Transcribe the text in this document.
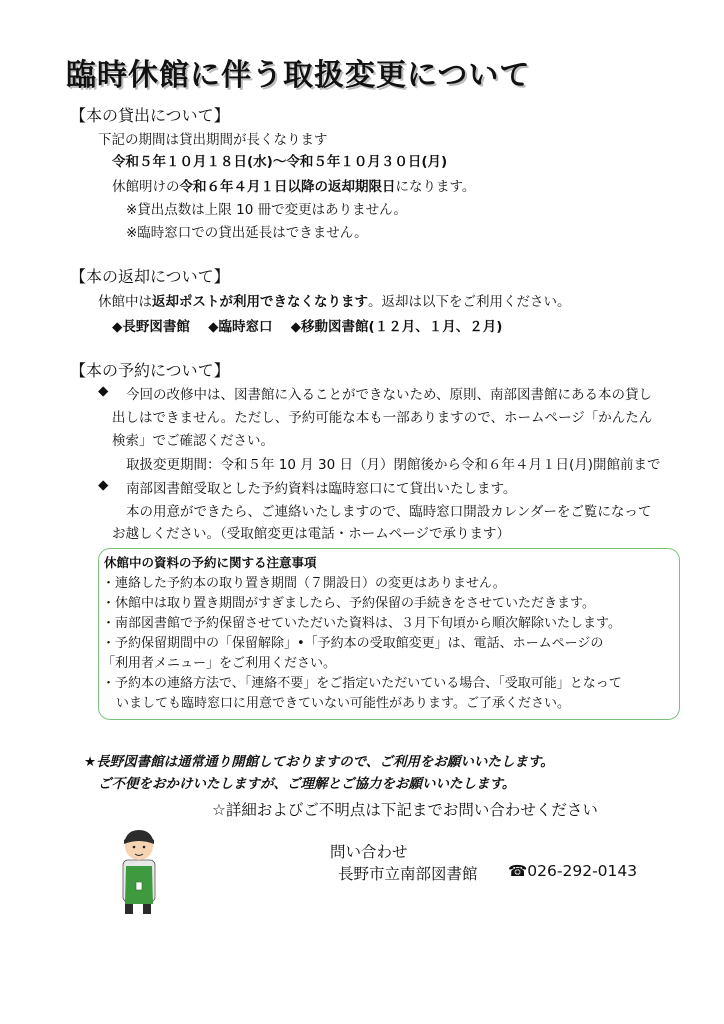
臨時休館に伴う取扱変更について
【本の貸出について】
下記の期間は貸出期間が長くなります
令和５年１０月１８日(水)～令和５年１０月３０日(月)
休館明けの令和６年４月１日以降の返却期限日になります。
※貸出点数は上限 10 冊で変更はありません。
※臨時窓口での貸出延長はできません。
【本の返却について】
休館中は返却ポストが利用できなくなります。返却は以下をご利用ください。
◆長野図書館　 ◆臨時窓口　 ◆移動図書館(１２月、１月、２月)
【本の予約について】
◆ 今回の改修中は、図書館に入ることができないため、原則、南部図書館にある本の貸し
出しはできません。ただし、予約可能な本も一部ありますので、ホームページ「かんたん
検索」でご確認ください。
取扱変更期間：令和５年 10 月 30 日（月）閉館後から令和６年４月１日(月)開館前まで
◆ 南部図書館受取とした予約資料は臨時窓口にて貸出いたします。
本の用意ができたら、ご連絡いたしますので、臨時窓口開設カレンダーをご覧になって
お越しください。（受取館変更は電話・ホームページで承ります）
休館中の資料の予約に関する注意事項
・連絡した予約本の取り置き期間（７開設日）の変更はありません。
・休館中は取り置き期間がすぎましたら、予約保留の手続きをさせていただきます。
・南部図書館で予約保留させていただいた資料は、３月下旬頃から順次解除いたします。
・予約保留期間中の「保留解除」•「予約本の受取館変更」は、電話、ホームページの
「利用者メニュー」をご利用ください。
・予約本の連絡方法で、「連絡不要」をご指定いただいている場合、「受取可能」となって
いましても臨時窓口に用意できていない可能性があります。ご了承ください。
★長野図書館は通常通り開館しておりますので、ご利用をお願いいたします。
ご不便をおかけいたしますが、ご理解とご協力をお願いいたします。
☆詳細およびご不明点は下記までお問い合わせください
問い合わせ
長野市立南部図書館 ☎026-292-0143
